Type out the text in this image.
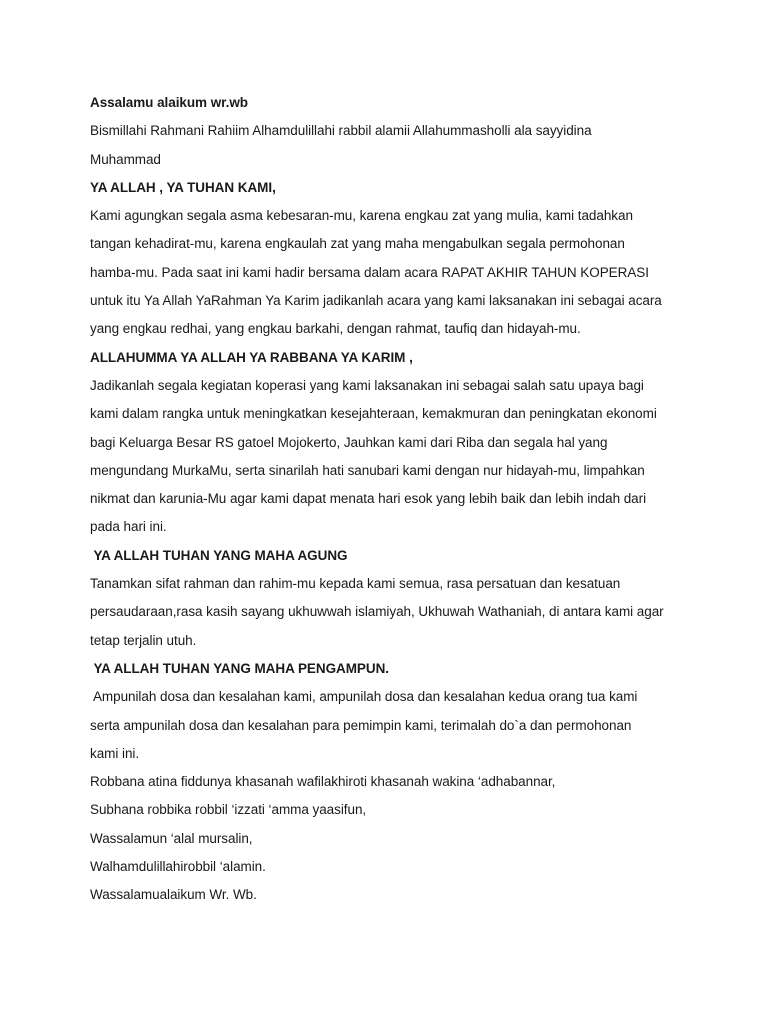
Assalamu alaikum wr.wb
Bismillahi Rahmani Rahiim Alhamdulillahi rabbil alamii Allahummasholli ala sayyidina
Muhammad
YA ALLAH , YA TUHAN KAMI,
Kami agungkan segala asma kebesaran-mu, karena engkau zat yang mulia, kami tadahkan
tangan kehadirat-mu, karena engkaulah zat yang maha mengabulkan segala permohonan
hamba-mu. Pada saat ini kami hadir bersama dalam acara RAPAT AKHIR TAHUN KOPERASI
untuk itu Ya Allah YaRahman Ya Karim jadikanlah acara yang kami laksanakan ini sebagai acara
yang engkau redhai, yang engkau barkahi, dengan rahmat, taufiq dan hidayah-mu.
ALLAHUMMA YA ALLAH YA RABBANA YA KARIM ,
Jadikanlah segala kegiatan koperasi yang kami laksanakan ini sebagai salah satu upaya bagi
kami dalam rangka untuk meningkatkan kesejahteraan, kemakmuran dan peningkatan ekonomi
bagi Keluarga Besar RS gatoel Mojokerto, Jauhkan kami dari Riba dan segala hal yang
mengundang MurkaMu, serta sinarilah hati sanubari kami dengan nur hidayah-mu, limpahkan
nikmat dan karunia-Mu agar kami dapat menata hari esok yang lebih baik dan lebih indah dari
pada hari ini.
YA ALLAH TUHAN YANG MAHA AGUNG
Tanamkan sifat rahman dan rahim-mu kepada kami semua, rasa persatuan dan kesatuan
persaudaraan,rasa kasih sayang ukhuwwah islamiyah, Ukhuwah Wathaniah, di antara kami agar
tetap terjalin utuh.
YA ALLAH TUHAN YANG MAHA PENGAMPUN.
Ampunilah dosa dan kesalahan kami, ampunilah dosa dan kesalahan kedua orang tua kami
serta ampunilah dosa dan kesalahan para pemimpin kami, terimalah do`a dan permohonan
kami ini.
Robbana atina fiddunya khasanah wafilakhiroti khasanah wakina ‘adhabannar,
Subhana robbika robbil ‘izzati ‘amma yaasifun,
Wassalamun ‘alal mursalin,
Walhamdulillahirobbil ‘alamin.
Wassalamualaikum Wr. Wb.
